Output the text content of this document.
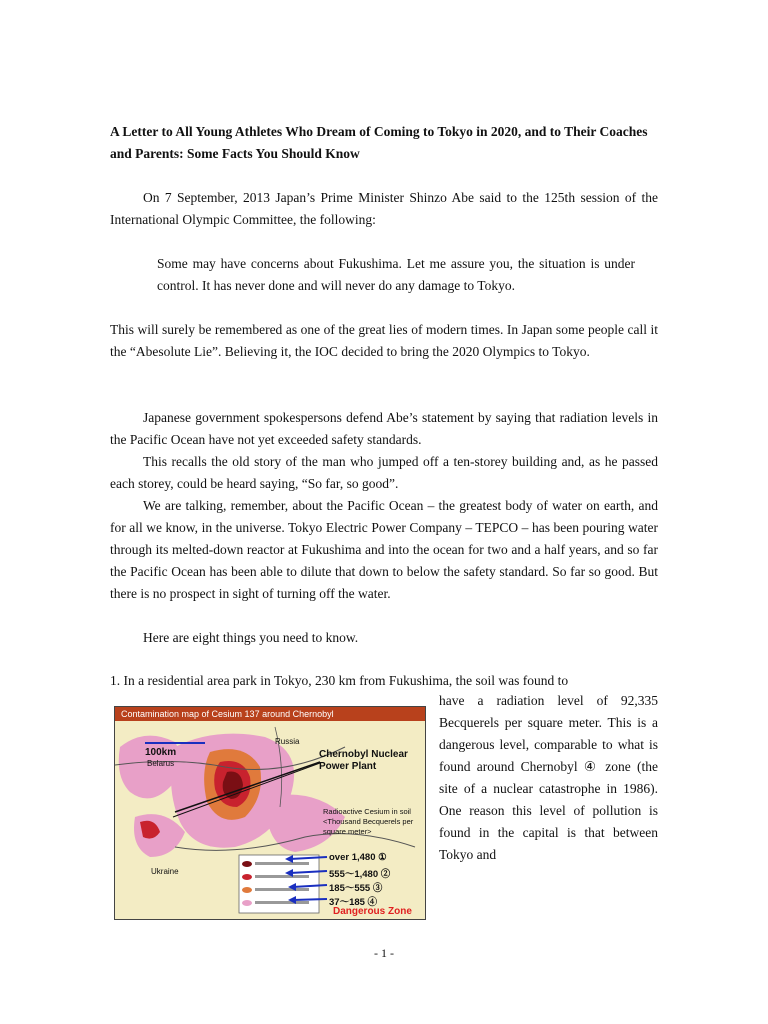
A Letter to All Young Athletes Who Dream of Coming to Tokyo in 2020, and to Their Coaches and Parents: Some Facts You Should Know
On 7 September, 2013 Japan’s Prime Minister Shinzo Abe said to the 125th session of the International Olympic Committee, the following:
Some may have concerns about Fukushima. Let me assure you, the situation is under control. It has never done and will never do any damage to Tokyo.
This will surely be remembered as one of the great lies of modern times. In Japan some people call it the “Abesolute Lie”. Believing it, the IOC decided to bring the 2020 Olympics to Tokyo.
Japanese government spokespersons defend Abe’s statement by saying that radiation levels in the Pacific Ocean have not yet exceeded safety standards.
This recalls the old story of the man who jumped off a ten-storey building and, as he passed each storey, could be heard saying, “So far, so good”.
We are talking, remember, about the Pacific Ocean – the greatest body of water on earth, and for all we know, in the universe. Tokyo Electric Power Company – TEPCO – has been pouring water through its melted-down reactor at Fukushima and into the ocean for two and a half years, and so far the Pacific Ocean has been able to dilute that down to below the safety standard. So far so good. But there is no prospect in sight of turning off the water.
Here are eight things you need to know.
1. In a residential area park in Tokyo, 230 km from Fukushima, the soil was found to
Contamination map of Cesium 137 around Chernobyl
100km
Russia
Belarus
Ukraine
Chernobyl Nuclear Power Plant
Radioactive Cesium in soil <Thousand Becquerels per square meter>
over 1,480 ①
555～1,480 ②
185～555 ③
37～185 ④
Dangerous Zone
have a radiation level of 92,335 Becquerels per square meter. This is a dangerous level, comparable to what is found around Chernobyl ④ zone (the site of a nuclear catastrophe in 1986). One reason this level of pollution is found in the capital is that between Tokyo and
- 1 -
